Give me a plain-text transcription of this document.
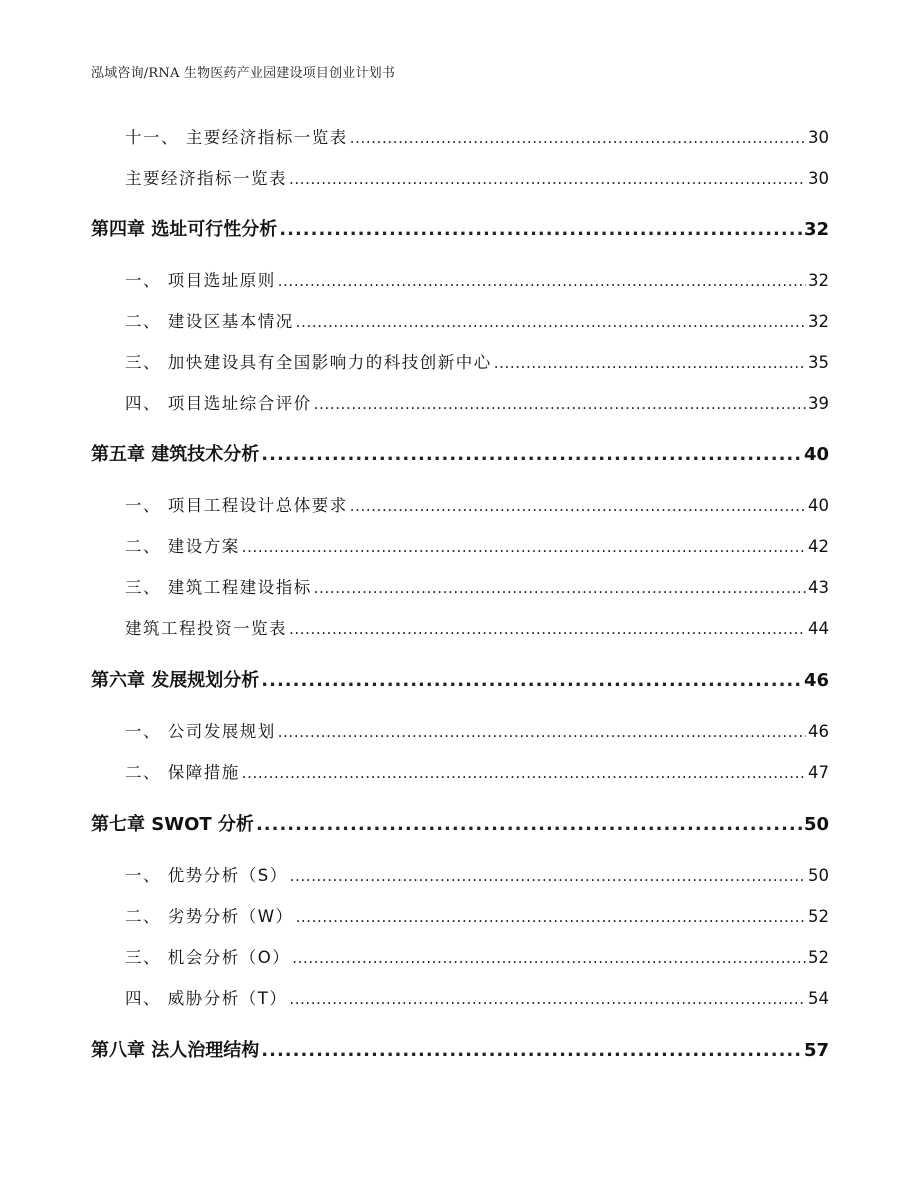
泓域咨询/RNA 生物医药产业园建设项目创业计划书
十一、 主要经济指标一览表 .....	30
主要经济指标一览表 .....	30
第四章 选址可行性分析 .....	32
一、 项目选址原则 .....	32
二、 建设区基本情况 .....	32
三、 加快建设具有全国影响力的科技创新中心 .....	35
四、 项目选址综合评价 .....	39
第五章 建筑技术分析 .....	40
一、 项目工程设计总体要求 .....	40
二、 建设方案 .....	42
三、 建筑工程建设指标 .....	43
建筑工程投资一览表 .....	44
第六章 发展规划分析 .....	46
一、 公司发展规划 .....	46
二、 保障措施 .....	47
第七章 SWOT 分析 .....	50
一、 优势分析（S） .....	50
二、 劣势分析（W） .....	52
三、 机会分析（O） .....	52
四、 威胁分析（T） .....	54
第八章 法人治理结构 .....	57
